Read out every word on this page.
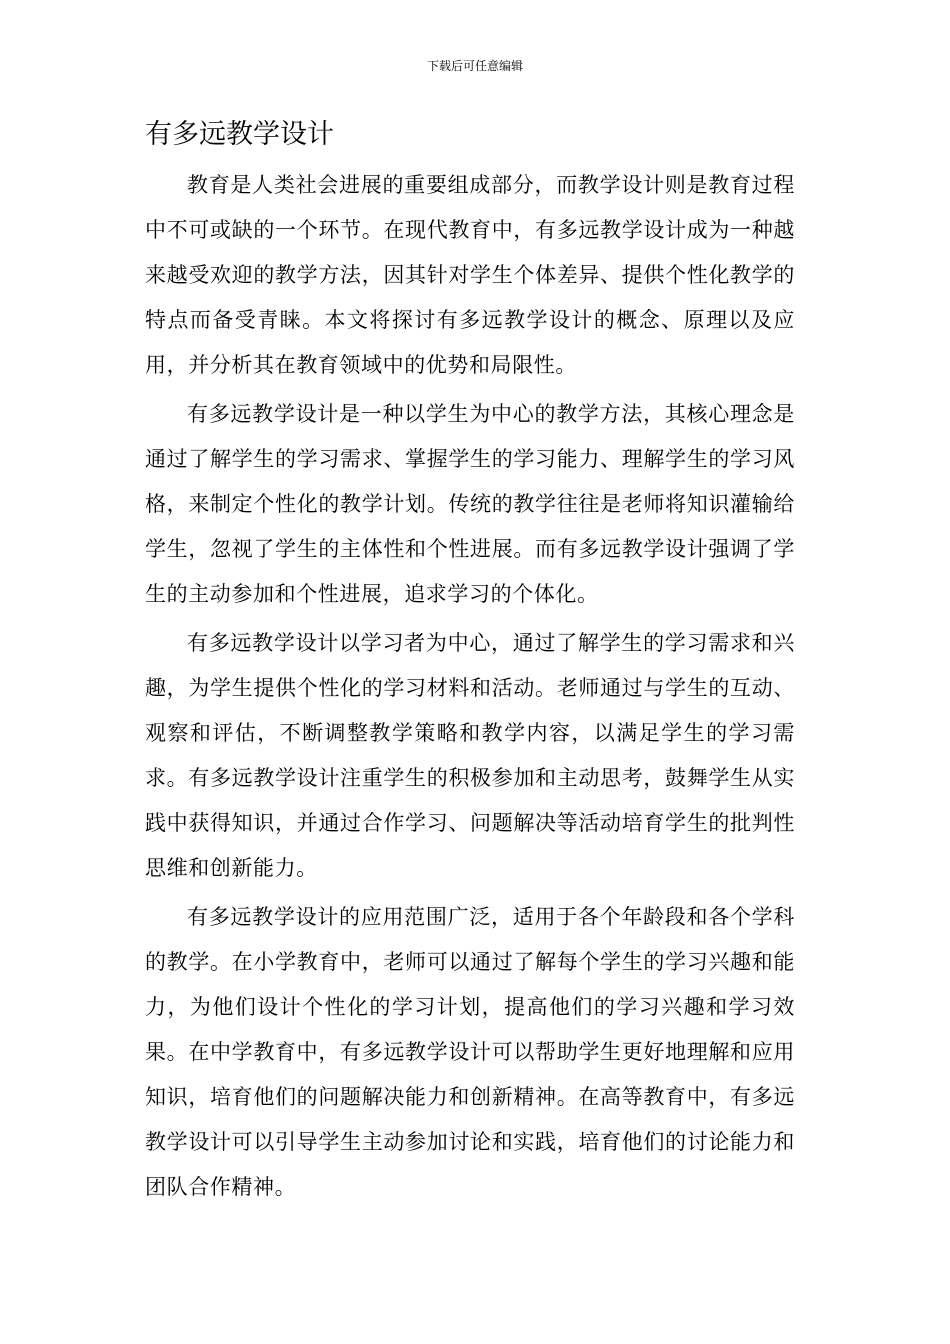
下载后可任意编辑
有多远教学设计

教育是人类社会进展的重要组成部分，而教学设计则是教育过程中不可或缺的一个环节。在现代教育中，有多远教学设计成为一种越来越受欢迎的教学方法，因其针对学生个体差异、提供个性化教学的特点而备受青睐。本文将探讨有多远教学设计的概念、原理以及应用，并分析其在教育领域中的优势和局限性。

有多远教学设计是一种以学生为中心的教学方法，其核心理念是通过了解学生的学习需求、掌握学生的学习能力、理解学生的学习风格，来制定个性化的教学计划。传统的教学往往是老师将知识灌输给学生，忽视了学生的主体性和个性进展。而有多远教学设计强调了学生的主动参加和个性进展，追求学习的个体化。

有多远教学设计以学习者为中心，通过了解学生的学习需求和兴趣，为学生提供个性化的学习材料和活动。老师通过与学生的互动、观察和评估，不断调整教学策略和教学内容，以满足学生的学习需求。有多远教学设计注重学生的积极参加和主动思考，鼓舞学生从实践中获得知识，并通过合作学习、问题解决等活动培育学生的批判性思维和创新能力。

有多远教学设计的应用范围广泛，适用于各个年龄段和各个学科的教学。在小学教育中，老师可以通过了解每个学生的学习兴趣和能力，为他们设计个性化的学习计划，提高他们的学习兴趣和学习效果。在中学教育中，有多远教学设计可以帮助学生更好地理解和应用知识，培育他们的问题解决能力和创新精神。在高等教育中，有多远教学设计可以引导学生主动参加讨论和实践，培育他们的讨论能力和团队合作精神。
